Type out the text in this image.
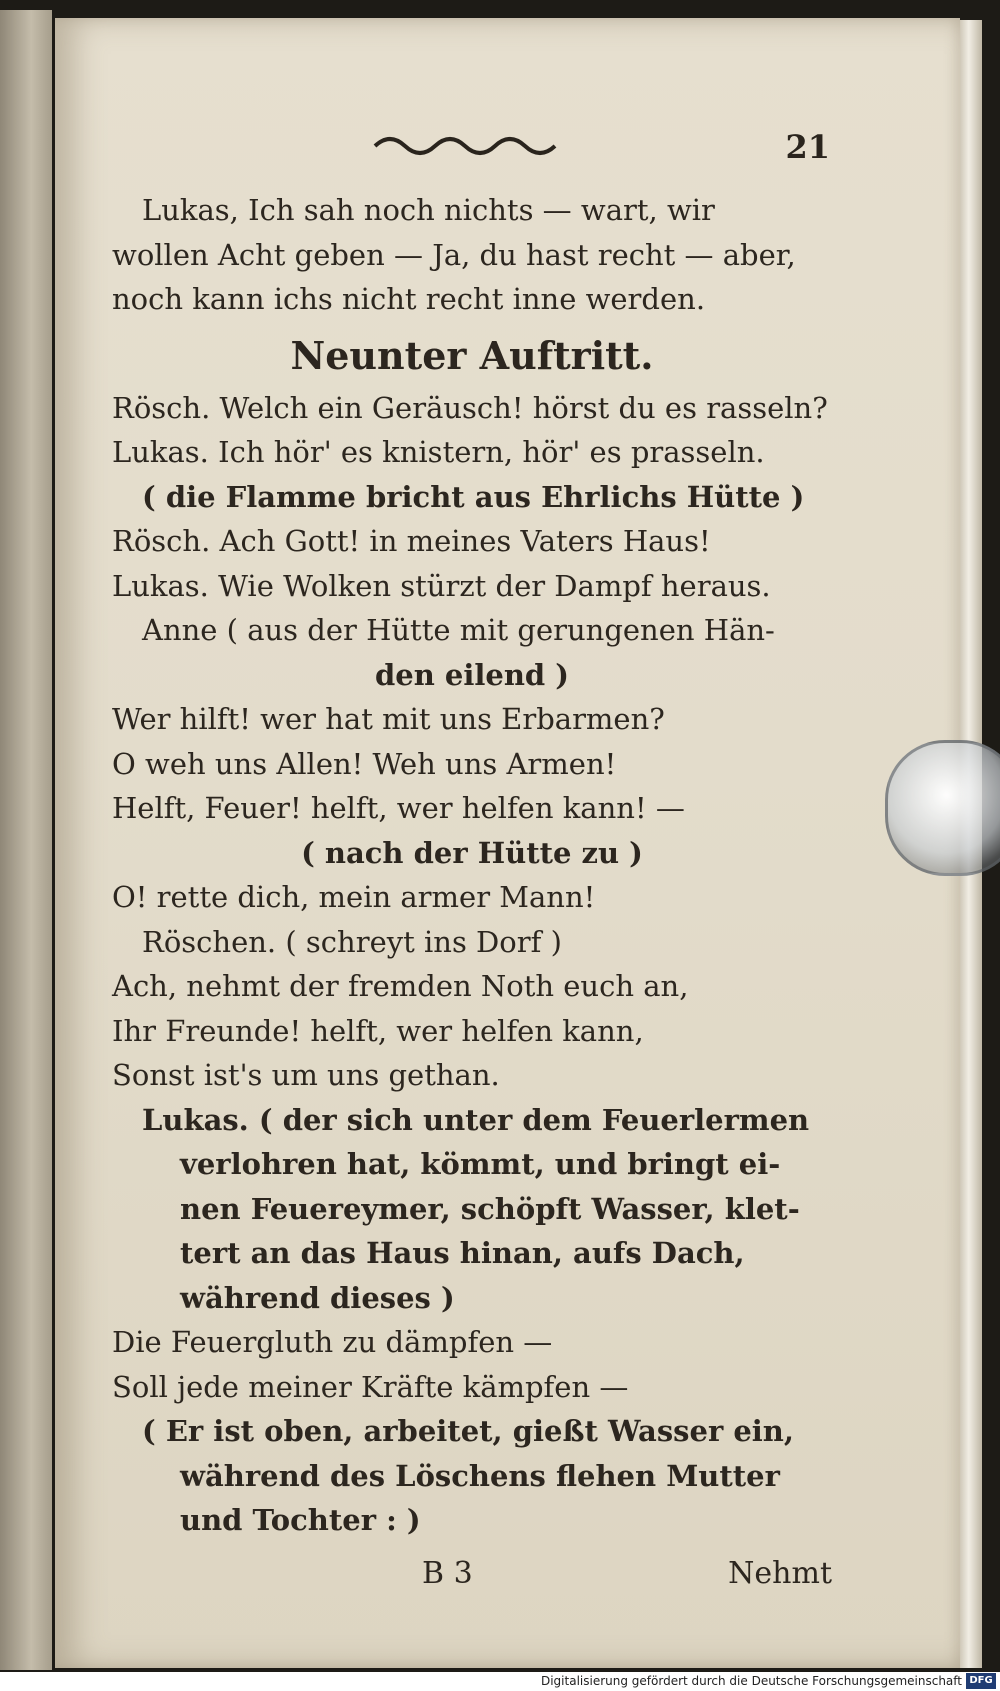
21
Lukas, Ich sah noch nichts — wart, wir
wollen Acht geben — Ja, du hast recht — aber,
noch kann ichs nicht recht inne werden.
Neunter Auftritt.
Rösch. Welch ein Geräusch! hörst du es rasseln?
Lukas. Ich hör' es knistern, hör' es prasseln.
( die Flamme bricht aus Ehrlichs Hütte )
Rösch. Ach Gott! in meines Vaters Haus!
Lukas. Wie Wolken stürzt der Dampf heraus.
Anne ( aus der Hütte mit gerungenen Hän-
den eilend )
Wer hilft! wer hat mit uns Erbarmen?
O weh uns Allen! Weh uns Armen!
Helft, Feuer! helft, wer helfen kann! —
( nach der Hütte zu )
O! rette dich, mein armer Mann!
Röschen. ( schreyt ins Dorf )
Ach, nehmt der fremden Noth euch an,
Ihr Freunde! helft, wer helfen kann,
Sonst ist's um uns gethan.
Lukas. ( der sich unter dem Feuerlermen
verlohren hat, kömmt, und bringt ei-
nen Feuereymer, schöpft Wasser, klet-
tert an das Haus hinan, aufs Dach,
während dieses )
Die Feuergluth zu dämpfen —
Soll jede meiner Kräfte kämpfen —
( Er ist oben, arbeitet, gießt Wasser ein,
während des Löschens flehen Mutter
und Tochter : )
B 3	Nehmt
Digitalisierung gefördert durch die Deutsche Forschungsgemeinschaft DFG
